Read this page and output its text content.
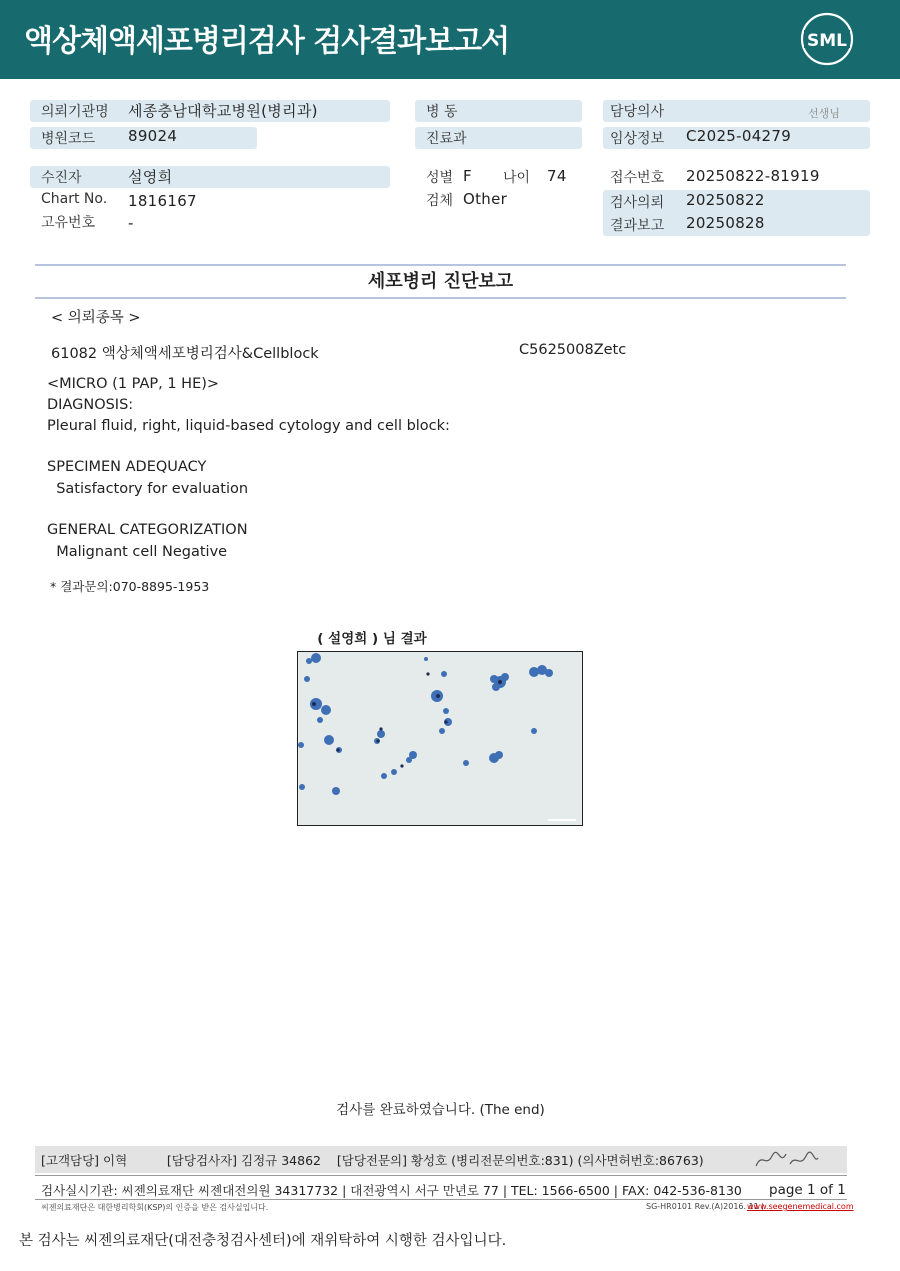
액상체액세포병리검사 검사결과보고서	SML
의뢰기관명 세종충남대학교병원(병리과)
병원코드 89024
수진자	설영희
Chart No. 1816167
고유번호 -
병 동
진료과
성별 F 나이 74
검체 Other
담당의사	선생님
임상정보 C2025-04279
접수번호 20250822-81919
검사의뢰 20250822
결과보고 20250828
세포병리 진단보고
< 의뢰종목 >
61082 액상체액세포병리검사&Cellblock	C5625008Zetc
<MICRO (1 PAP, 1 HE)>
DIAGNOSIS:
Pleural fluid, right, liquid-based cytology and cell block:
SPECIMEN ADEQUACY
Satisfactory for evaluation
GENERAL CATEGORIZATION
Malignant cell Negative
* 결과문의:070-8895-1953
( 설영희 ) 님 결과
검사를 완료하였습니다. (The end)
[고객담당] 이혁          [담당검사자] 김정규 34862    [담당전문의] 황성호 (병리전문의번호:831) (의사면허번호:86763)
검사실시기관: 씨젠의료재단 씨젠대전의원 34317732 | 대전광역시 서구 만년로 77 | TEL: 1566-6500 | FAX: 042-536-8130 page 1 of 1
씨젠의료재단은 대한병리학회(KSP)의 인증을 받은 검사실입니다.	SG-HR0101 Rev.(A)2016. 11 |
www.seegenemedical.com
본 검사는 씨젠의료재단(대전충청검사센터)에 재위탁하여 시행한 검사입니다.
